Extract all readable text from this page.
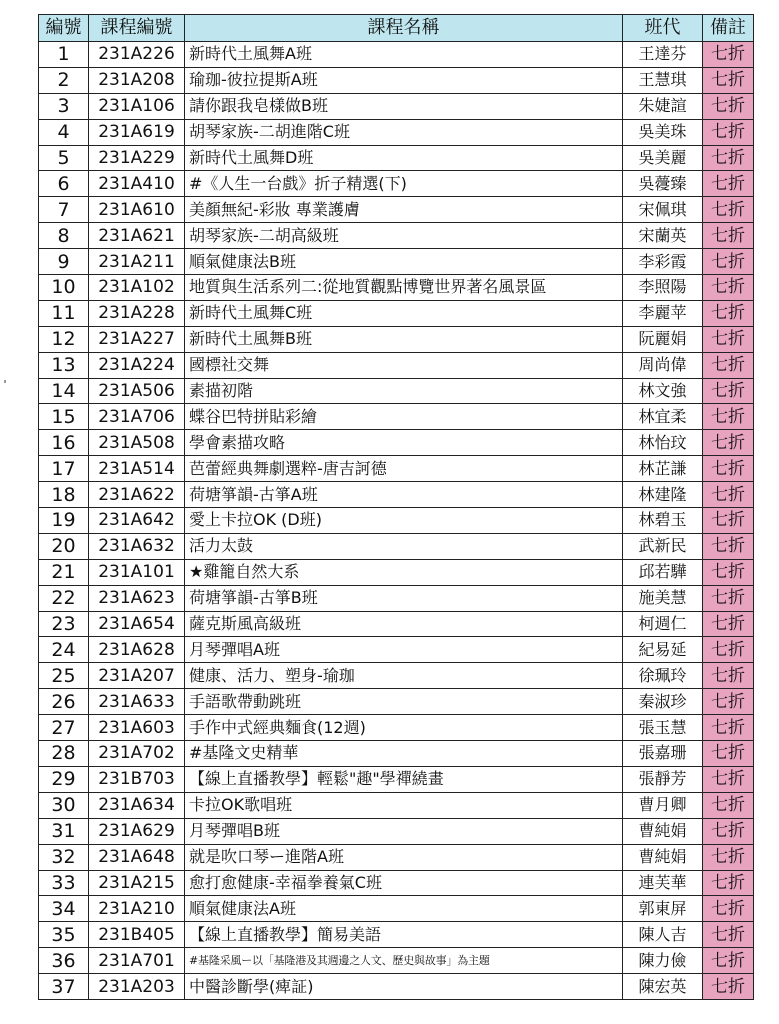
編號	課程編號	課程名稱	班代	備註
1	231A226	新時代土風舞A班	王達芬	七折
2	231A208	瑜珈-彼拉提斯A班	王慧琪	七折
3	231A106	請你跟我皂樣做B班	朱婕諠	七折
4	231A619	胡琴家族-二胡進階C班	吳美珠	七折
5	231A229	新時代土風舞D班	吳美麗	七折
6	231A410	#《人生一台戲》折子精選(下)	吳蘉臻	七折
7	231A610	美顏無紀-彩妝 專業護膚	宋佩琪	七折
8	231A621	胡琴家族-二胡高級班	宋蘭英	七折
9	231A211	順氣健康法B班	李彩霞	七折
10	231A102	地質與生活系列二:從地質觀點博覽世界著名風景區	李照陽	七折
11	231A228	新時代土風舞C班	李麗苹	七折
12	231A227	新時代土風舞B班	阮麗娟	七折
13	231A224	國標社交舞	周尚偉	七折
14	231A506	素描初階	林文強	七折
15	231A706	蝶谷巴特拼貼彩繪	林宜柔	七折
16	231A508	學會素描攻略	林怡玟	七折
17	231A514	芭蕾經典舞劇選粹-唐吉訶德	林芷謙	七折
18	231A622	荷塘箏韻-古箏A班	林建隆	七折
19	231A642	愛上卡拉OK (D班)	林碧玉	七折
20	231A632	活力太鼓	武新民	七折
21	231A101	★雞籠自然大系	邱若驊	七折
22	231A623	荷塘箏韻-古箏B班	施美慧	七折
23	231A654	薩克斯風高級班	柯週仁	七折
24	231A628	月琴彈唱A班	紀易延	七折
25	231A207	健康、活力、塑身-瑜珈	徐珮玲	七折
26	231A633	手語歌帶動跳班	秦淑珍	七折
27	231A603	手作中式經典麵食(12週)	張玉慧	七折
28	231A702	#基隆文史精華	張嘉珊	七折
29	231B703	【線上直播教學】輕鬆"趣"學禪繞畫	張靜芳	七折
30	231A634	卡拉OK歌唱班	曹月卿	七折
31	231A629	月琴彈唱B班	曹純娟	七折
32	231A648	就是吹口琴ー進階A班	曹純娟	七折
33	231A215	愈打愈健康-幸福拳養氣C班	連芙華	七折
34	231A210	順氣健康法A班	郭東屏	七折
35	231B405	【線上直播教學】簡易美語	陳人吉	七折
36	231A701	#基隆采風ー以「基隆港及其週邊之人文、歷史與故事」為主題	陳力儉	七折
37	231A203	中醫診斷學(痺証)	陳宏英	七折
